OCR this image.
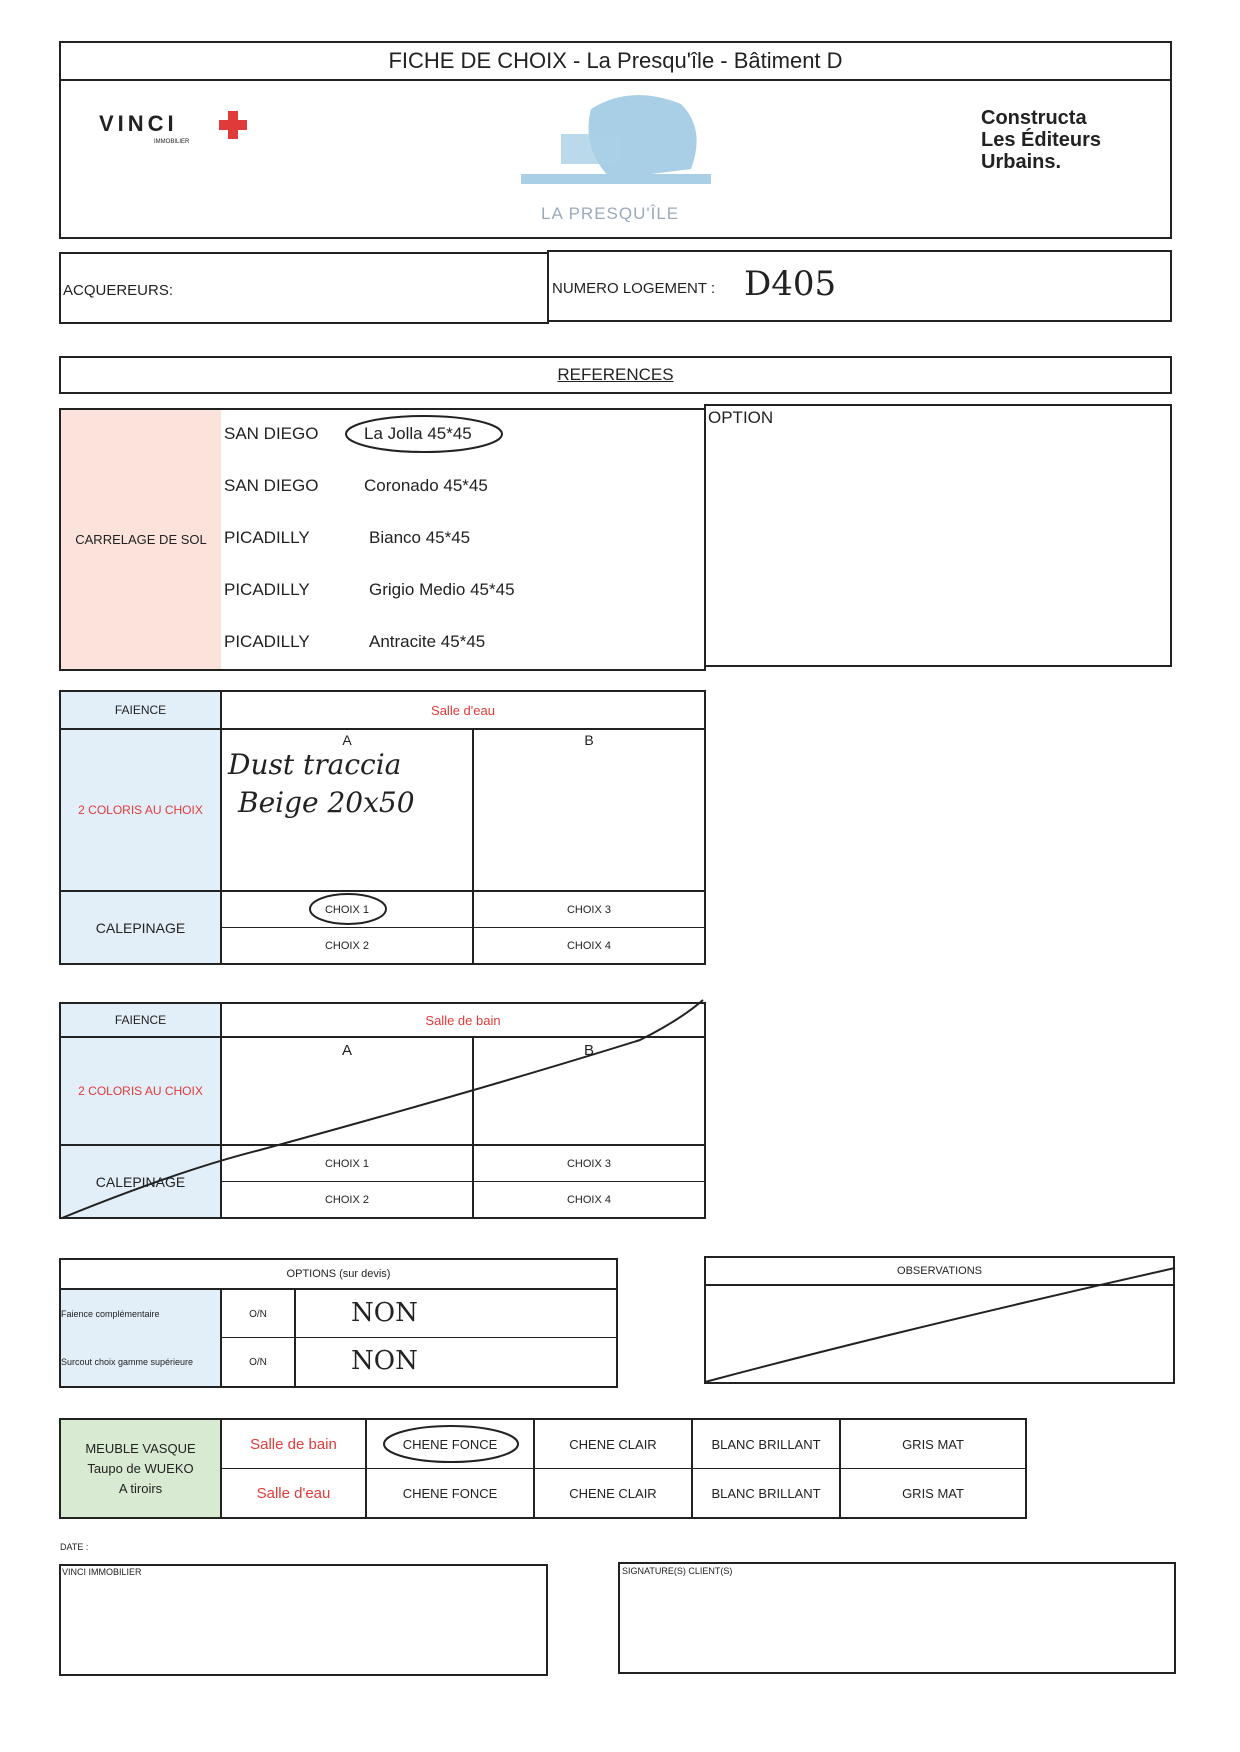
FICHE DE CHOIX - La Presqu'île - Bâtiment D
VINCI
IMMOBILIER
LA PRESQU'ÎLE
Constructa
Les Éditeurs
Urbains.
ACQUEREURS:	NUMERO LOGEMENT : D405
REFERENCES
CARRELAGE DE SOL
SAN DIEGO	La Jolla 45*45
SAN DIEGO	Coronado 45*45
PICADILLY	Bianco 45*45
PICADILLY	Grigio Medio 45*45
PICADILLY	Antracite 45*45
OPTION
FAIENCE	Salle d'eau
2 COLORIS AU CHOIX
A
Dust traccia
Beige 20x50
B
CALEPINAGE
CHOIX 1	CHOIX 3
CHOIX 2	CHOIX 4
FAIENCE	Salle de bain
2 COLORIS AU CHOIX
A	B
CALEPINAGE
CHOIX 1	CHOIX 3
CHOIX 2	CHOIX 4
OPTIONS (sur devis)
Faience complémentaire	O/N	NON
Surcout choix gamme supérieure	O/N	NON
OBSERVATIONS
MEUBLE VASQUE
Taupo de WUEKO
A tiroirs
Salle de bain	CHENE FONCE	CHENE CLAIR	BLANC BRILLANT	GRIS MAT
Salle d'eau	CHENE FONCE	CHENE CLAIR	BLANC BRILLANT	GRIS MAT
DATE :
VINCI IMMOBILIER	SIGNATURE(S) CLIENT(S)
